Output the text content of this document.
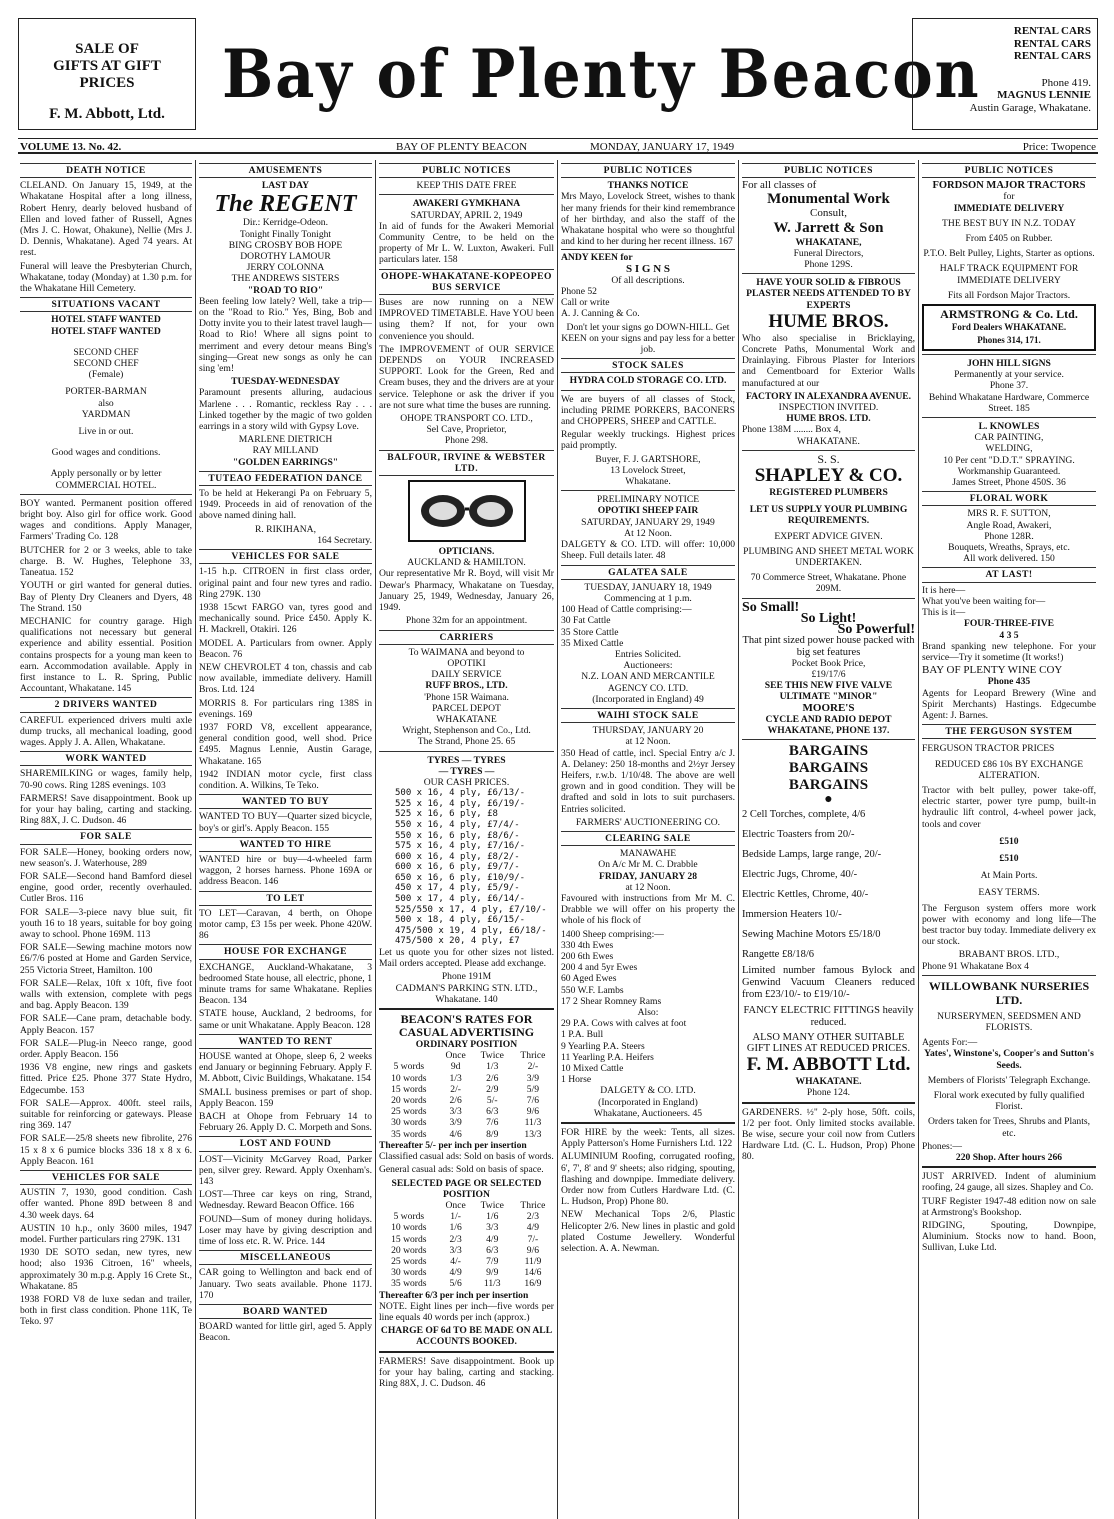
SALE OF
GIFTS AT GIFT
PRICES
F. M. Abbott, Ltd.
Bay of Plenty Beacon
RENTAL CARS
RENTAL CARS
RENTAL CARS
Phone 419.
MAGNUS LENNIE
Austin Garage, Whakatane.
VOLUME 13. No. 42.	BAY OF PLENTY BEACON	MONDAY, JANUARY 17, 1949	Price: Twopence
DEATH NOTICE
CLELAND. On January 15, 1949, at the Whakatane Hospital after a long illness, Robert Henry, dearly beloved husband of Ellen and loved father of Russell, Agnes (Mrs J. C. Howat, Ohakune), Nellie (Mrs J. D. Dennis, Whakatane). Aged 74 years. At rest.
Funeral will leave the Presbyterian Church, Whakatane, today (Monday) at 1.30 p.m. for the Whakatane Hill Cemetery.
SITUATIONS VACANT
HOTEL STAFF WANTED
HOTEL STAFF WANTED
SECOND CHEF
SECOND CHEF
(Female)
PORTER-BARMAN
also
YARDMAN
Live in or out.
Good wages and conditions.
Apply personally or by letter
COMMERCIAL HOTEL.
BOY wanted. Permanent position offered bright boy. Also girl for office work. Good wages and conditions. Apply Manager, Farmers' Trading Co. 128
BUTCHER for 2 or 3 weeks, able to take charge. B. W. Hughes, Telephone 33, Taneatua. 152
YOUTH or girl wanted for general duties. Bay of Plenty Dry Cleaners and Dyers, 48 The Strand. 150
MECHANIC for country garage. High qualifications not necessary but general experience and ability essential. Position contains prospects for a young man keen to earn. Accommodation available. Apply in first instance to L. R. Spring, Public Accountant, Whakatane. 145
2 DRIVERS WANTED
CAREFUL experienced drivers multi axle dump trucks, all mechanical loading, good wages. Apply J. A. Allen, Whakatane.
WORK WANTED
SHAREMILKING or wages, family help, 70-90 cows. Ring 128S evenings. 103
FARMERS! Save disappointment. Book up for your hay baling, carting and stacking. Ring 88X, J. C. Dudson. 46
FOR SALE
FOR SALE—Honey, booking orders now, new season's. J. Waterhouse, 289
FOR SALE—Second hand Bamford diesel engine, good order, recently overhauled. Cutler Bros. 116
FOR SALE—3-piece navy blue suit, fit youth 16 to 18 years, suitable for boy going away to school. Phone 169M. 113
FOR SALE—Sewing machine motors now £6/7/6 posted at Home and Garden Service, 255 Victoria Street, Hamilton. 100
FOR SALE—Relax, 10ft x 10ft, five foot walls with extension, complete with pegs and bag. Apply Beacon. 139
FOR SALE—Cane pram, detachable body. Apply Beacon. 157
FOR SALE—Plug-in Neeco range, good order. Apply Beacon. 156
1936 V8 engine, new rings and gaskets fitted. Price £25. Phone 377 State Hydro, Edgecumbe. 153
FOR SALE—Approx. 400ft. steel rails, suitable for reinforcing or gateways. Please ring 369. 147
FOR SALE—25/8 sheets new fibrolite, 276 15 x 8 x 6 pumice blocks 336 18 x 8 x 6. Apply Beacon. 161
VEHICLES FOR SALE
AUSTIN 7, 1930, good condition. Cash offer wanted. Phone 89D between 8 and 4.30 week days. 64
AUSTIN 10 h.p., only 3600 miles, 1947 model. Further particulars ring 279K. 131
1930 DE SOTO sedan, new tyres, new hood; also 1936 Citroen, 16" wheels, approximately 30 m.p.g. Apply 16 Crete St., Whakatane. 85
1938 FORD V8 de luxe sedan and trailer, both in first class condition. Phone 11K, Te Teko. 97
AMUSEMENTS
LAST DAY
The REGENT
Dir.: Kerridge-Odeon.
Tonight Finally Tonight
BING CROSBY BOB HOPE
DOROTHY LAMOUR
JERRY COLONNA
THE ANDREWS SISTERS
"ROAD TO RIO"
Been feeling low lately? Well, take a trip—on the "Road to Rio." Yes, Bing, Bob and Dotty invite you to their latest travel laugh—Road to Rio! Where all signs point to merriment and every detour means Bing's singing—Great new songs as only he can sing 'em!
TUESDAY-WEDNESDAY
Paramount presents alluring, audacious Marlene . . . Romantic, reckless Ray . . . Linked together by the magic of two golden earrings in a story wild with Gypsy Love.
MARLENE DIETRICH
RAY MILLAND
"GOLDEN EARRINGS"
TUTEAO FEDERATION DANCE
To be held at Hekerangi Pa on February 5, 1949. Proceeds in aid of renovation of the above named dining hall.
R. RIKIHANA,
164 Secretary.
VEHICLES FOR SALE
1-15 h.p. CITROEN in first class order, original paint and four new tyres and radio. Ring 279K. 130
1938 15cwt FARGO van, tyres good and mechanically sound. Price £450. Apply K. H. Mackrell, Otakiri. 126
MODEL A. Particulars from owner. Apply Beacon. 76
NEW CHEVROLET 4 ton, chassis and cab now available, immediate delivery. Hamill Bros. Ltd. 124
MORRIS 8. For particulars ring 138S in evenings. 169
1937 FORD V8, excellent appearance, general condition good, well shod. Price £495. Magnus Lennie, Austin Garage, Whakatane. 165
1942 INDIAN motor cycle, first class condition. A. Wilkins, Te Teko.
WANTED TO BUY
WANTED TO BUY—Quarter sized bicycle, boy's or girl's. Apply Beacon. 155
WANTED TO HIRE
WANTED hire or buy—4-wheeled farm waggon, 2 horses harness. Phone 169A or address Beacon. 146
TO LET
TO LET—Caravan, 4 berth, on Ohope motor camp, £3 15s per week. Phone 420W. 86
HOUSE FOR EXCHANGE
EXCHANGE, Auckland-Whakatane, 3 bedroomed State house, all electric, phone, 1 minute trams for same Whakatane. Replies Beacon. 134
STATE house, Auckland, 2 bedrooms, for same or unit Whakatane. Apply Beacon. 128
WANTED TO RENT
HOUSE wanted at Ohope, sleep 6, 2 weeks end January or beginning February. Apply F. M. Abbott, Civic Buildings, Whakatane. 154
SMALL business premises or part of shop. Apply Beacon. 159
BACH at Ohope from February 14 to February 26. Apply D. C. Morpeth and Sons.
LOST AND FOUND
LOST—Vicinity McGarvey Road, Parker pen, silver grey. Reward. Apply Oxenham's. 143
LOST—Three car keys on ring, Strand, Wednesday. Reward Beacon Office. 166
FOUND—Sum of money during holidays. Loser may have by giving description and time of loss etc. R. W. Price. 144
MISCELLANEOUS
CAR going to Wellington and back end of January. Two seats available. Phone 117J. 170
BOARD WANTED
BOARD wanted for little girl, aged 5. Apply Beacon.
PUBLIC NOTICES
KEEP THIS DATE FREE
AWAKERI GYMKHANA
SATURDAY, APRIL 2, 1949
In aid of funds for the Awakeri Memorial Community Centre, to be held on the property of Mr L. W. Luxton, Awakeri. Full particulars later. 158
OHOPE-WHAKATANE-KOPEOPEO BUS SERVICE
Buses are now running on a NEW IMPROVED TIMETABLE. Have YOU been using them? If not, for your own convenience you should.
The IMPROVEMENT of OUR SERVICE DEPENDS on YOUR INCREASED SUPPORT. Look for the Green, Red and Cream buses, they and the drivers are at your service. Telephone or ask the driver if you are not sure what time the buses are running.
OHOPE TRANSPORT CO. LTD.,
Sel Cave, Proprietor,
Phone 298.
BALFOUR, IRVINE & WEBSTER LTD.
OPTICIANS.
AUCKLAND & HAMILTON.
Our representative Mr R. Boyd, will visit Mr Dewar's Pharmacy, Whakatane on Tuesday, January 25, 1949, Wednesday, January 26, 1949.
Phone 32m for an appointment.
CARRIERS
To WAIMANA and beyond to
OPOTIKI
DAILY SERVICE
RUFF BROS., LTD.
'Phone 15R Waimana.
PARCEL DEPOT
WHAKATANE
Wright, Stephenson and Co., Ltd.
The Strand, Phone 25. 65
TYRES — TYRES
— TYRES —
OUR CASH PRICES.
500 x 16, 4 ply, £6/13/-
525 x 16, 4 ply, £6/19/-
525 x 16, 6 ply, £8
550 x 16, 4 ply, £7/4/-
550 x 16, 6 ply, £8/6/-
575 x 16, 4 ply, £7/16/-
600 x 16, 4 ply, £8/2/-
600 x 16, 6 ply, £9/7/-
650 x 16, 6 ply, £10/9/-
450 x 17, 4 ply, £5/9/-
500 x 17, 4 ply, £6/14/-
525/550 x 17, 4 ply, £7/10/-
500 x 18, 4 ply, £6/15/-
475/500 x 19, 4 ply, £6/18/-
475/500 x 20, 4 ply, £7
Let us quote you for other sizes not listed. Mail orders accepted. Please add exchange.
Phone 191M
CADMAN'S PARKING STN. LTD., Whakatane. 140
BEACON'S RATES FOR CASUAL ADVERTISING
ORDINARY POSITION
	Once	Twice	Thrice
5 words	9d	1/3	2/-
10 words	1/3	2/6	3/9
15 words	2/-	2/9	5/9
20 words	2/6	5/-	7/6
25 words	3/3	6/3	9/6
30 words	3/9	7/6	11/3
35 words	4/6	8/9	13/3
Thereafter 5/- per inch per insertion
Classified casual ads: Sold on basis of words.
General casual ads: Sold on basis of space.
SELECTED PAGE OR SELECTED POSITION
	Once	Twice	Thrice
5 words	1/-	1/6	2/3
10 words	1/6	3/3	4/9
15 words	2/3	4/9	7/-
20 words	3/3	6/3	9/6
25 words	4/-	7/9	11/9
30 words	4/9	9/9	14/6
35 words	5/6	11/3	16/9
Thereafter 6/3 per inch per insertion
NOTE. Eight lines per inch—five words per line equals 40 words per inch (approx.)
CHARGE OF 6d TO BE MADE ON ALL ACCOUNTS BOOKED.
FARMERS! Save disappointment. Book up for your hay baling, carting and stacking. Ring 88X, J. C. Dudson. 46
PUBLIC NOTICES
THANKS NOTICE
Mrs Mayo, Lovelock Street, wishes to thank her many friends for their kind remembrance of her birthday, and also the staff of the Whakatane hospital who were so thoughtful and kind to her during her recent illness. 167
ANDY KEEN for
S I G N S
Of all descriptions.
Phone 52
Call or write
A. J. Canning & Co.
Don't let your signs go DOWN-HILL. Get KEEN on your signs and pay less for a better job.
STOCK SALES
HYDRA COLD STORAGE CO. LTD.
We are buyers of all classes of Stock, including PRIME PORKERS, BACONERS and CHOPPERS, SHEEP and CATTLE.
Regular weekly truckings. Highest prices paid promptly.
Buyer, F. J. GARTSHORE,
13 Lovelock Street,
Whakatane.
PRELIMINARY NOTICE
OPOTIKI SHEEP FAIR
SATURDAY, JANUARY 29, 1949
At 12 Noon.
DALGETY & CO. LTD. will offer: 10,000 Sheep. Full details later. 48
GALATEA SALE
TUESDAY, JANUARY 18, 1949
Commencing at 1 p.m.
100 Head of Cattle comprising:—
30 Fat Cattle
35 Store Cattle
35 Mixed Cattle
Entries Solicited.
Auctioneers:
N.Z. LOAN AND MERCANTILE
AGENCY CO. LTD.
(Incorporated in England) 49
WAIHI STOCK SALE
THURSDAY, JANUARY 20
at 12 Noon.
350 Head of cattle, incl. Special Entry a/c J. A. Delaney: 250 18-months and 2½yr Jersey Heifers, r.w.b. 1/10/48. The above are well grown and in good condition. They will be drafted and sold in lots to suit purchasers. Entries solicited.
FARMERS' AUCTIONEERING CO.
CLEARING SALE
MANAWAHE
On A/c Mr M. C. Drabble
FRIDAY, JANUARY 28
at 12 Noon.
Favoured with instructions from Mr M. C. Drabble we will offer on his property the whole of his flock of
1400 Sheep comprising:—
330 4th Ewes
200 6th Ewes
200 4 and 5yr Ewes
60 Aged Ewes
550 W.F. Lambs
17 2 Shear Romney Rams
Also:
29 P.A. Cows with calves at foot
1 P.A. Bull
9 Yearling P.A. Steers
11 Yearling P.A. Heifers
10 Mixed Cattle
1 Horse
DALGETY & CO. LTD.
(Incorporated in England)
Whakatane, Auctioneers. 45
FOR HIRE by the week: Tents, all sizes. Apply Patterson's Home Furnishers Ltd. 122
ALUMINIUM Roofing, corrugated roofing, 6', 7', 8' and 9' sheets; also ridging, spouting, flashing and downpipe. Immediate delivery. Order now from Cutlers Hardware Ltd. (C. L. Hudson, Prop) Phone 80.
NEW Mechanical Tops 2/6, Plastic Helicopter 2/6. New lines in plastic and gold plated Costume Jewellery. Wonderful selection. A. A. Newman.
PUBLIC NOTICES
For all classes of
Monumental Work
Consult,
W. Jarrett & Son
WHAKATANE,
Funeral Directors,
Phone 129S.
HAVE YOUR SOLID & FIBROUS PLASTER NEEDS ATTENDED TO BY EXPERTS
HUME BROS.
Who also specialise in Bricklaying, Concrete Paths, Monumental Work and Drainlaying. Fibrous Plaster for Interiors and Cementboard for Exterior Walls manufactured at our
FACTORY IN ALEXANDRA AVENUE.
INSPECTION INVITED.
HUME BROS. LTD.
Phone 138M ........ Box 4,
WHAKATANE.
S. S.
SHAPLEY & CO.
REGISTERED PLUMBERS
LET US SUPPLY YOUR PLUMBING REQUIREMENTS.
EXPERT ADVICE GIVEN.
PLUMBING AND SHEET METAL WORK UNDERTAKEN.
70 Commerce Street, Whakatane. Phone 209M.
So Small!
So Light!
So Powerful!
That pint sized power house packed with big set features
Pocket Book Price,
£19/17/6
SEE THIS NEW FIVE VALVE
ULTIMATE "MINOR"
MOORE'S
CYCLE AND RADIO DEPOT
WHAKATANE, PHONE 137.
BARGAINS
BARGAINS
BARGAINS
●
2 Cell Torches, complete, 4/6
Electric Toasters from 20/-
Bedside Lamps, large range, 20/-
Electric Jugs, Chrome, 40/-
Electric Kettles, Chrome, 40/-
Immersion Heaters 10/-
Sewing Machine Motors £5/18/0
Rangette £8/18/6
Limited number famous Bylock and Genwind Vacuum Cleaners reduced from £23/10/- to £19/10/-
FANCY ELECTRIC FITTINGS heavily reduced.
ALSO MANY OTHER SUITABLE GIFT LINES AT REDUCED PRICES.
F. M. ABBOTT Ltd.
WHAKATANE.
Phone 124.
GARDENERS. ½" 2-ply hose, 50ft. coils, 1/2 per foot. Only limited stocks available. Be wise, secure your coil now from Cutlers Hardware Ltd. (C. L. Hudson, Prop) Phone 80.
PUBLIC NOTICES
FORDSON MAJOR TRACTORS
for
IMMEDIATE DELIVERY
THE BEST BUY IN N.Z. TODAY
From £405 on Rubber.
P.T.O. Belt Pulley, Lights, Starter as options.
HALF TRACK EQUIPMENT FOR IMMEDIATE DELIVERY
Fits all Fordson Major Tractors.
ARMSTRONG & Co. Ltd.
Ford Dealers WHAKATANE.
Phones 314, 171.
JOHN HILL SIGNS
Permanently at your service.
Phone 37.
Behind Whakatane Hardware, Commerce Street. 185
L. KNOWLES
CAR PAINTING,
WELDING,
10 Per cent "D.D.T." SPRAYING.
Workmanship Guaranteed.
James Street, Phone 450S. 36
FLORAL WORK
MRS R. F. SUTTON,
Angle Road, Awakeri,
Phone 128R.
Bouquets, Wreaths, Sprays, etc.
All work delivered. 150
AT LAST!
It is here—
What you've been waiting for—
This is it—
FOUR-THREE-FIVE
4 3 5
Brand spanking new telephone. For your service—Try it sometime (It works!)
BAY OF PLENTY WINE COY
Phone 435
Agents for Leopard Brewery (Wine and Spirit Merchants) Hastings. Edgecumbe Agent: J. Barnes.
THE FERGUSON SYSTEM
FERGUSON TRACTOR PRICES
REDUCED £86 10s BY EXCHANGE ALTERATION.
Tractor with belt pulley, power take-off, electric starter, power tyre pump, built-in hydraulic lift control, 4-wheel power jack, tools and cover
£510
£510
At Main Ports.
EASY TERMS.
The Ferguson system offers more work power with economy and long life—The best tractor buy today. Immediate delivery ex our stock.
BRABANT BROS. LTD.,
Phone 91 Whakatane Box 4
WILLOWBANK NURSERIES LTD.
NURSERYMEN, SEEDSMEN AND FLORISTS.
Agents For:—
Yates', Winstone's, Cooper's and Sutton's Seeds.
Members of Florists' Telegraph Exchange.
Floral work executed by fully qualified Florist.
Orders taken for Trees, Shrubs and Plants, etc.
Phones:—
220 Shop. After hours 266
JUST ARRIVED. Indent of aluminium roofing, 24 gauge, all sizes. Shapley and Co.
TURF Register 1947-48 edition now on sale at Armstrong's Bookshop.
RIDGING, Spouting, Downpipe, Aluminium. Stocks now to hand. Boon, Sullivan, Luke Ltd.
